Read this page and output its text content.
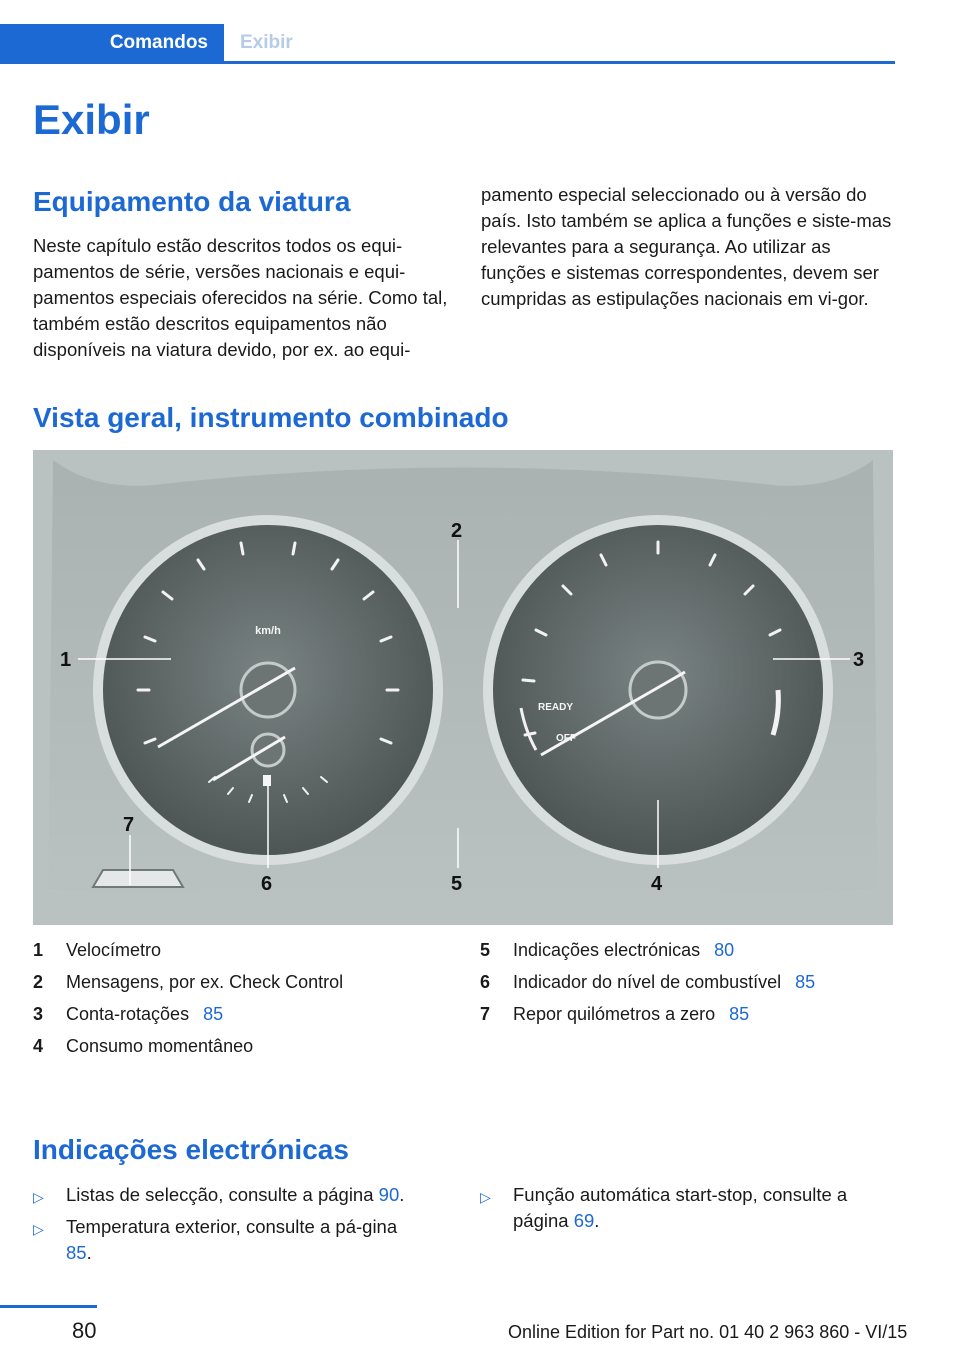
Comandos	Exibir
Exibir
Equipamento da viatura

Neste capítulo estão descritos todos os equi-pamentos de série, versões nacionais e equi-pamentos especiais oferecidos na série. Como tal, também estão descritos equipamentos não disponíveis na viatura devido, por ex. ao equi-

pamento especial seleccionado ou à versão do país. Isto também se aplica a funções e siste-mas relevantes para a segurança. Ao utilizar as funções e sistemas correspondentes, devem ser cumpridas as estipulações nacionais em vi-gor.

Vista geral, instrumento combinado
km/h
READY
OFF
1
2
3
4
5
6
7
1 Velocímetro
2 Mensagens, por ex. Check Control
3 Conta-rotações 85
4 Consumo momentâneo
5 Indicações electrónicas 80
6 Indicador do nível de combustível 85
7 Repor quilómetros a zero 85
Indicações electrónicas
▷ Listas de selecção, consulte a página 90.
▷ Temperatura exterior, consulte a pá-gina 85.
▷ Função automática start-stop, consulte a página 69.
80	Online Edition for Part no. 01 40 2 963 860 - VI/15
